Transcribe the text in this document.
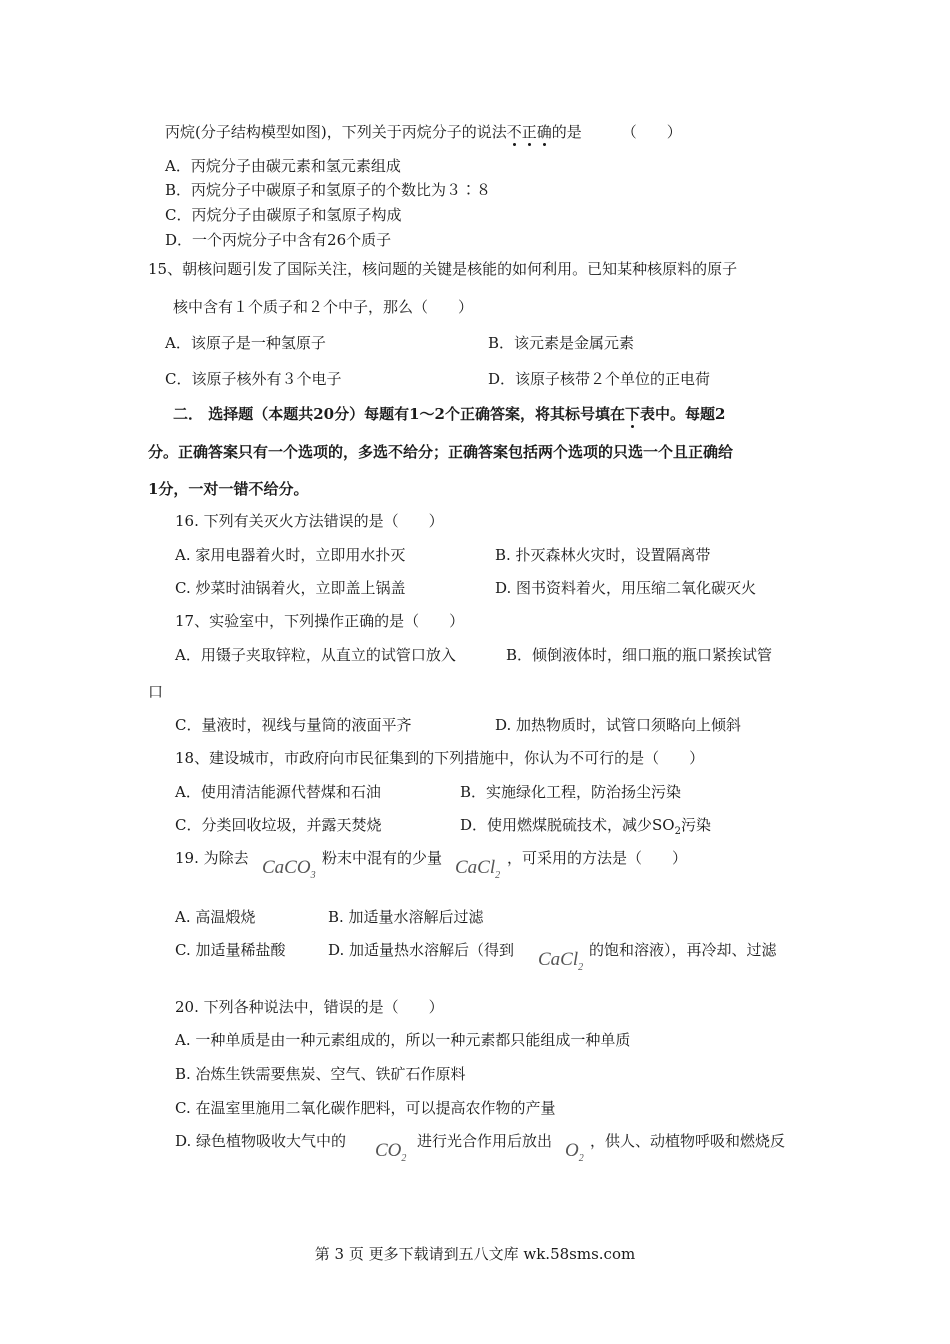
丙烷(分子结构模型如图)，下列关于丙烷分子的说法不正确的是	（　　）
A．丙烷分子由碳元素和氢元素组成
B．丙烷分子中碳原子和氢原子的个数比为３∶８
C．丙烷分子由碳原子和氢原子构成
D．一个丙烷分子中含有26个质子
15、朝核问题引发了国际关注，核问题的关键是核能的如何利用。已知某种核原料的原子
核中含有１个质子和２个中子，那么（　　）
A．该原子是一种氢原子	B．该元素是金属元素
C．该原子核外有３个电子	D．该原子核带２个单位的正电荷
二． 选择题（本题共20分）每题有1～2个正确答案，将其标号填在下表中。每题2
分。正确答案只有一个选项的，多选不给分；正确答案包括两个选项的只选一个且正确给
1分，一对一错不给分。
16. 下列有关灭火方法错误的是（　　）
A. 家用电器着火时，立即用水扑灭	B. 扑灭森林火灾时，设置隔离带
C. 炒菜时油锅着火，立即盖上锅盖	D. 图书资料着火，用压缩二氧化碳灭火
17、实验室中，下列操作正确的是（　　）
A．用镊子夹取锌粒，从直立的试管口放入	B．倾倒液体时，细口瓶的瓶口紧挨试管
口
C．量液时，视线与量筒的液面平齐	D. 加热物质时，试管口须略向上倾斜
18、建设城市，市政府向市民征集到的下列措施中，你认为不可行的是（　　）
A．使用清洁能源代替煤和石油	B．实施绿化工程，防治扬尘污染
C．分类回收垃圾，并露天焚烧	D．使用燃煤脱硫技术，减少$SO_2$污染
19. 为除去 CaCO$_3$
粉末中混有的少量 CaCl$_2$
，可采用的方法是（　　）
A. 高温煅烧	B. 加适量水溶解后过滤
C. 加适量稀盐酸	D. 加适量热水溶解后（得到 CaCl$_2$
的饱和溶液），再冷却、过滤
20. 下列各种说法中，错误的是（　　）
A. 一种单质是由一种元素组成的，所以一种元素都只能组成一种单质
B. 冶炼生铁需要焦炭、空气、铁矿石作原料
C. 在温室里施用二氧化碳作肥料，可以提高农作物的产量
D. 绿色植物吸收大气中的 $CO_2$
进行光合作用后放出 $O_2$
，供人、动植物呼吸和燃烧反
第 3 页 更多下载请到五八文库 wk.58sms.com
